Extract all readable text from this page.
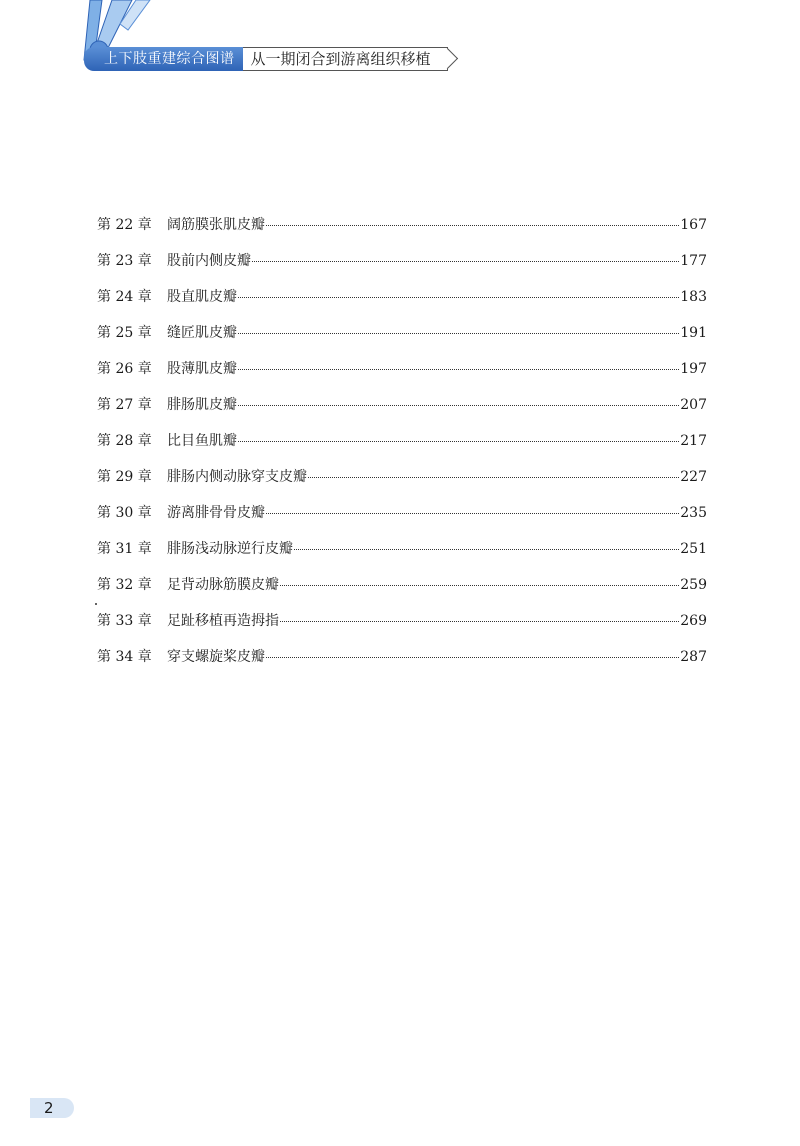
上下肢重建综合图谱	从一期闭合到游离组织移植
第 22 章	阔筋膜张肌皮瓣	167
第 23 章	股前内侧皮瓣	177
第 24 章	股直肌皮瓣	183
第 25 章	缝匠肌皮瓣	191
第 26 章	股薄肌皮瓣	197
第 27 章	腓肠肌皮瓣	207
第 28 章	比目鱼肌瓣	217
第 29 章	腓肠内侧动脉穿支皮瓣	227
第 30 章	游离腓骨骨皮瓣	235
第 31 章	腓肠浅动脉逆行皮瓣	251
第 32 章	足背动脉筋膜皮瓣	259
第 33 章	足趾移植再造拇指	269
第 34 章	穿支螺旋桨皮瓣	287
2
